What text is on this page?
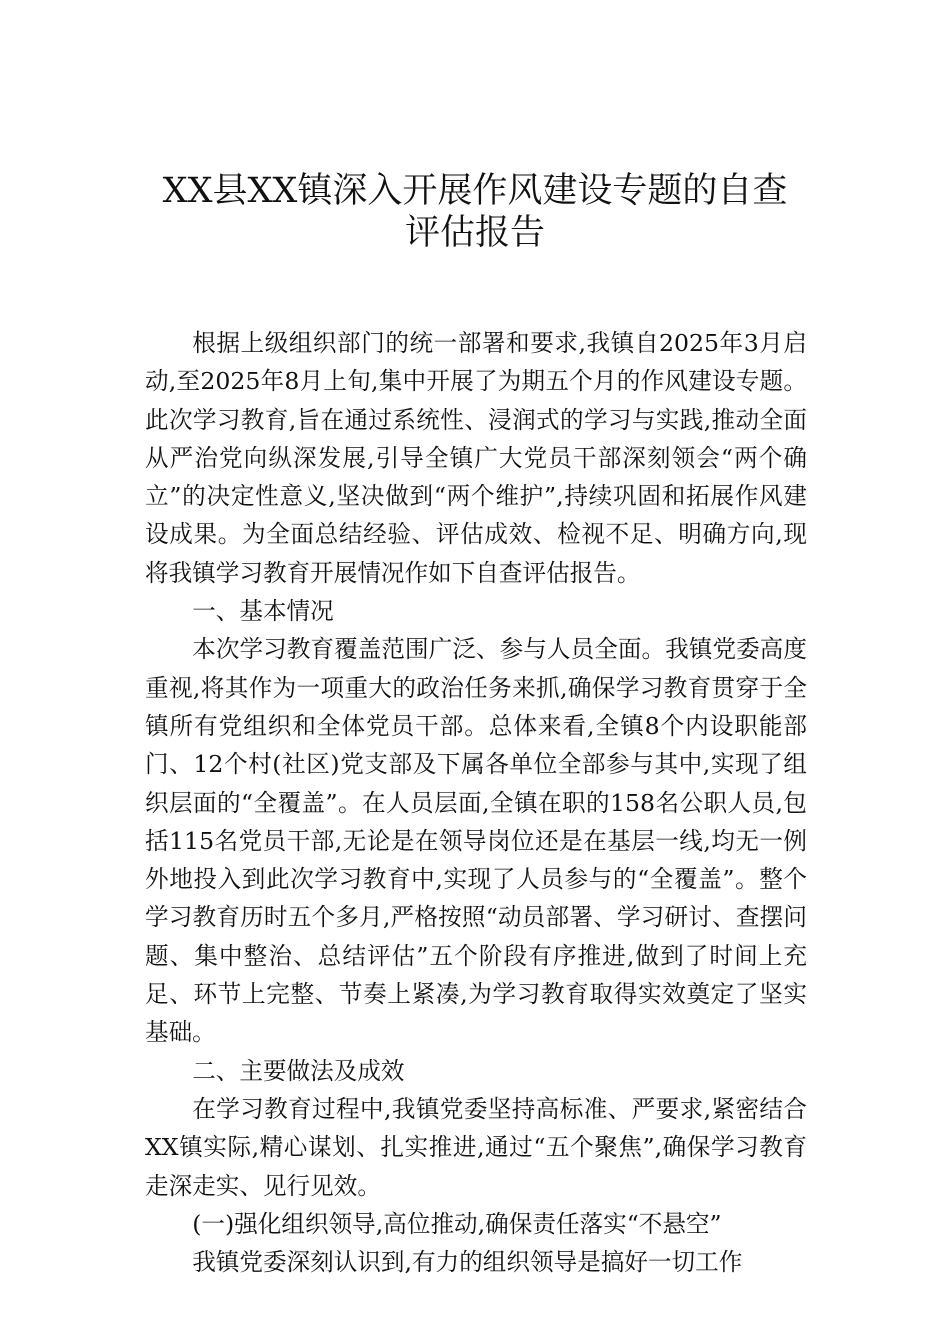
XX县XX镇深入开展作风建设专题的自查
评估报告

根据上级组织部门的统一部署和要求,我镇自2025年3月启动,至2025年8月上旬,集中开展了为期五个月的作风建设专题。此次学习教育,旨在通过系统性、浸润式的学习与实践,推动全面从严治党向纵深发展,引导全镇广大党员干部深刻领会“两个确立”的决定性意义,坚决做到“两个维护”,持续巩固和拓展作风建设成果。为全面总结经验、评估成效、检视不足、明确方向,现将我镇学习教育开展情况作如下自查评估报告。

一、基本情况

本次学习教育覆盖范围广泛、参与人员全面。我镇党委高度重视,将其作为一项重大的政治任务来抓,确保学习教育贯穿于全镇所有党组织和全体党员干部。总体来看,全镇8个内设职能部门、12个村(社区)党支部及下属各单位全部参与其中,实现了组织层面的“全覆盖”。在人员层面,全镇在职的158名公职人员,包括115名党员干部,无论是在领导岗位还是在基层一线,均无一例外地投入到此次学习教育中,实现了人员参与的“全覆盖”。整个学习教育历时五个多月,严格按照“动员部署、学习研讨、查摆问题、集中整治、总结评估”五个阶段有序推进,做到了时间上充足、环节上完整、节奏上紧凑,为学习教育取得实效奠定了坚实基础。

二、主要做法及成效

在学习教育过程中,我镇党委坚持高标准、严要求,紧密结合XX镇实际,精心谋划、扎实推进,通过“五个聚焦”,确保学习教育走深走实、见行见效。

(一)强化组织领导,高位推动,确保责任落实“不悬空”

我镇党委深刻认识到,有力的组织领导是搞好一切工作
